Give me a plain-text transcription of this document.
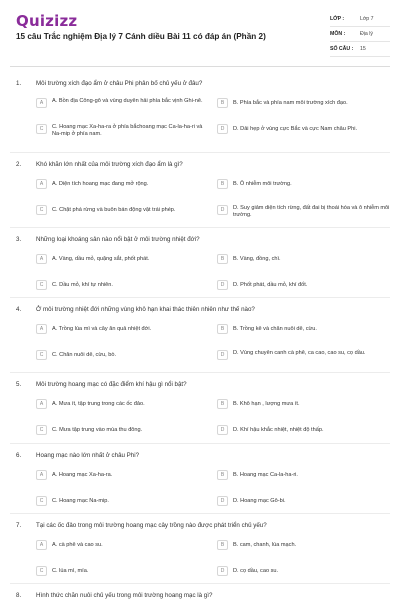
Quizizz
15 câu Trắc nghiệm Địa lý 7 Cánh diều Bài 11 có đáp án (Phần 2)
LỚP :	Lớp 7
MÔN :	Địa lý
SỐ CÂU :	15
1. Môi trường xích đạo ẩm ở châu Phi phân bố chủ yếu ở đâu?
A	A. Bồn địa Công-gô và vùng duyên hải phía bắc vịnh Ghi-nê.	B	B. Phía bắc và phía nam môi trường xích đạo.
C	C. Hoang mạc Xa-ha-ra ở phía bắchoang mạc Ca-la-ha-ri và Na-mip ở phía nam.
D	D. Dải hẹp ở vùng cực Bắc và cực Nam châu Phi.
2. Khó khăn lớn nhất của môi trường xích đạo ẩm là gì?
A	A. Diện tích hoang mạc đang mở rộng.	B	B. Ô nhiễm môi trường.
C	C. Chặt phá rừng và buôn bán động vật trái phép.	D	D. Suy giảm diện tích rừng, đất đai bị thoái hóa và ô nhiễm môi trường.
3. Những loại khoáng sản nào nổi bật ở môi trường nhiệt đới?
A	A. Vàng, dầu mỏ, quặng sắt, phốt phát.	B	B. Vàng, đồng, chì.
C	C. Dầu mỏ, khí tự nhiên.	D	D. Phốt phát, dầu mỏ, khí đốt.
4. Ở môi trường nhiệt đới những vùng khô hạn khai thác thiên nhiên như thế nào?
A	A. Trồng lúa mì và cây ăn quả nhiệt đới.	B	B. Trồng kê và chăn nuôi dê, cừu.
C	C. Chăn nuôi dê, cừu, bò.	D	D. Vùng chuyên canh cà phê, ca cao, cao su, cọ dầu.
5. Môi trường hoang mạc có đặc điểm khí hậu gì nổi bật?
A	A. Mưa ít, tập trung trong các ốc đảo.	B	B. Khô hạn , lượng mưa ít.
C	C. Mưa tập trung vào mùa thu đông.	D	D. Khí hậu khắc nhiệt, nhiệt độ thấp.
6. Hoang mạc nào lớn nhất ở châu Phi?
A	A. Hoang mạc Xa-ha-ra.	B	B. Hoang mạc Ca-la-ha-ri.
C	C. Hoang mạc Na-mip.	D	D. Hoang mạc Gô-bi.
7. Tại các ốc đảo trong môi trường hoang mạc cây trồng nào được phát triển chủ yếu?
A	A. cà phê và cao su.	B	B. cam, chanh, lúa mạch.
C	C. lúa mì, mía.	D	D. cọ dầu, cao su.
8. Hình thức chăn nuôi chủ yếu trong môi trường hoang mạc là gì?
